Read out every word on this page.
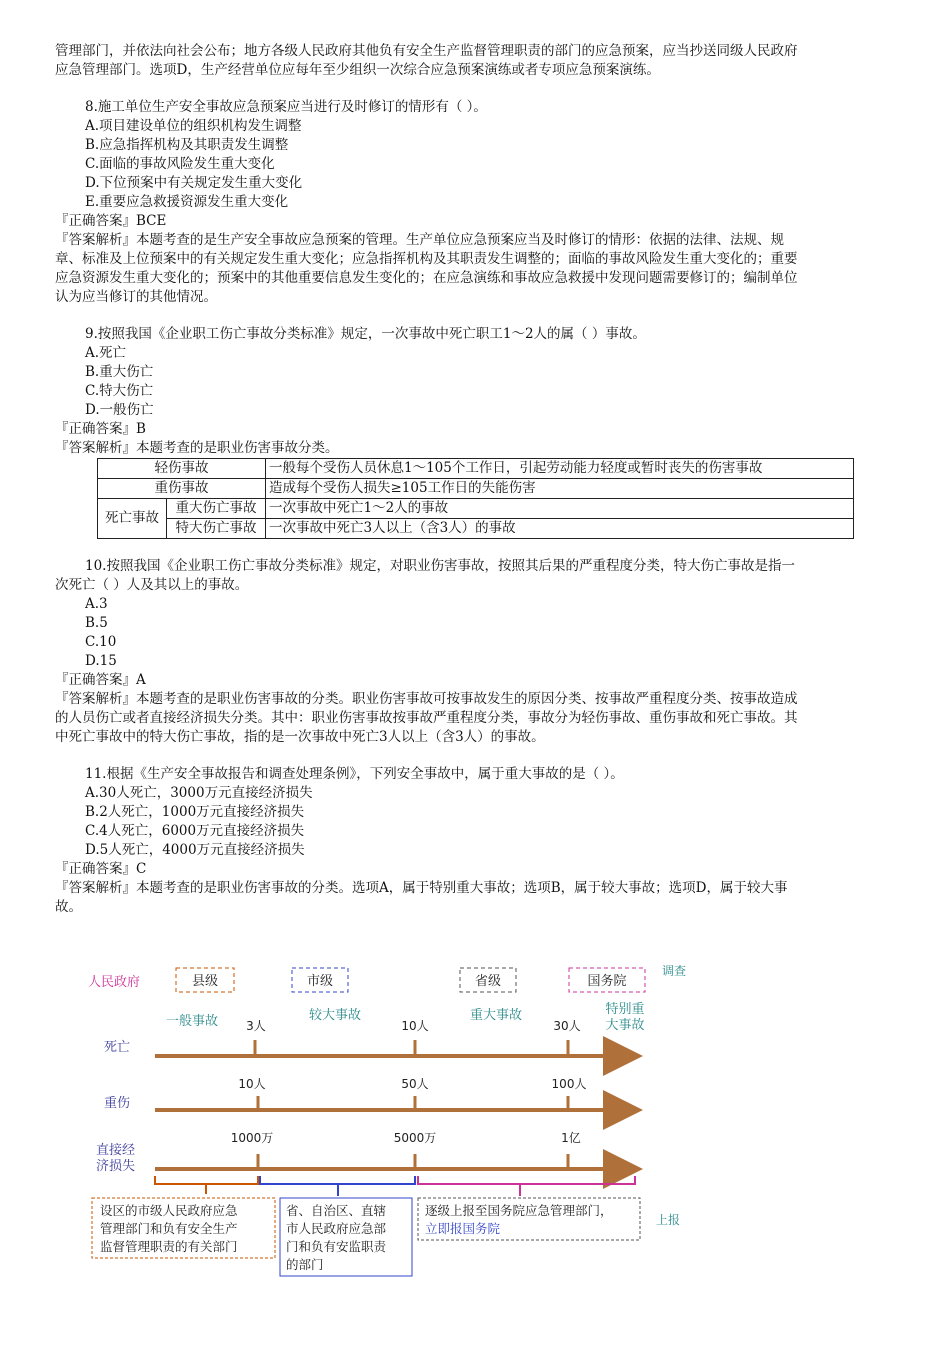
管理部门，并依法向社会公布；地方各级人民政府其他负有安全生产监督管理职责的部门的应急预案，应当抄送同级人民政府
应急管理部门。选项D，生产经营单位应每年至少组织一次综合应急预案演练或者专项应急预案演练。
8.施工单位生产安全事故应急预案应当进行及时修订的情形有（ ）。
A.项目建设单位的组织机构发生调整
B.应急指挥机构及其职责发生调整
C.面临的事故风险发生重大变化
D.下位预案中有关规定发生重大变化
E.重要应急救援资源发生重大变化
『正确答案』BCE
『答案解析』本题考查的是生产安全事故应急预案的管理。生产单位应急预案应当及时修订的情形：依据的法律、法规、规
章、标准及上位预案中的有关规定发生重大变化；应急指挥机构及其职责发生调整的；面临的事故风险发生重大变化的；重要
应急资源发生重大变化的；预案中的其他重要信息发生变化的；在应急演练和事故应急救援中发现问题需要修订的；编制单位
认为应当修订的其他情况。
9.按照我国《企业职工伤亡事故分类标准》规定，一次事故中死亡职工1～2人的属（ ）事故。
A.死亡
B.重大伤亡
C.特大伤亡
D.一般伤亡
『正确答案』B
『答案解析』本题考查的是职业伤害事故分类。
轻伤事故		一般每个受伤人员休息1～105个工作日，引起劳动能力轻度或暂时丧失的伤害事故
重伤事故		造成每个受伤人损失≥105工作日的失能伤害
死亡事故	重大伤亡事故	一次事故中死亡1～2人的事故
	特大伤亡事故	一次事故中死亡3人以上（含3人）的事故
10.按照我国《企业职工伤亡事故分类标准》规定，对职业伤害事故，按照其后果的严重程度分类，特大伤亡事故是指一
次死亡（ ）人及其以上的事故。
A.3
B.5
C.10
D.15
『正确答案』A
『答案解析』本题考查的是职业伤害事故的分类。职业伤害事故可按事故发生的原因分类、按事故严重程度分类、按事故造成
的人员伤亡或者直接经济损失分类。其中：职业伤害事故按事故严重程度分类，事故分为轻伤事故、重伤事故和死亡事故。其
中死亡事故中的特大伤亡事故，指的是一次事故中死亡3人以上（含3人）的事故。
11.根据《生产安全事故报告和调查处理条例》，下列安全事故中，属于重大事故的是（ ）。
A.30人死亡，3000万元直接经济损失
B.2人死亡，1000万元直接经济损失
C.4人死亡，6000万元直接经济损失
D.5人死亡，4000万元直接经济损失
『正确答案』C
『答案解析』本题考查的是职业伤害事故的分类。选项A，属于特别重大事故；选项B，属于较大事故；选项D，属于较大事
故。
人民政府	县级	市级	省级	国务院
调查
一般事故	较大事故	重大事故	特别重
大事故
死亡
3人	10人	30人
重伤
10人	50人	100人
直接经
济损失
1000万	5000万	1亿
设区的市级人民政府应急
管理部门和负有安全生产
监督管理职责的有关部门
省、自治区、直辖
市人民政府应急部
门和负有安监职责
的部门
逐级上报至国务院应急管理部门，
立即报国务院
上报
